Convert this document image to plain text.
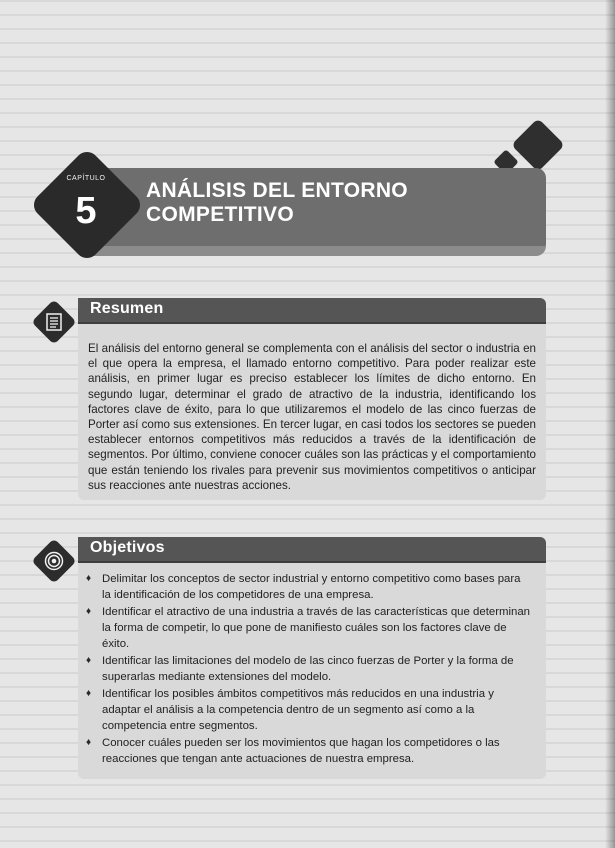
CAPÍTULO
5	ANÁLISIS DEL ENTORNO
COMPETITIVO
Resumen

El análisis del entorno general se complementa con el análisis del sector o industria en el que opera la empresa, el llamado entorno competitivo. Para poder realizar este análisis, en primer lugar es preciso establecer los límites de dicho entorno. En segundo lugar, determinar el grado de atractivo de la industria, identificando los factores clave de éxito, para lo que utilizaremos el modelo de las cinco fuerzas de Porter así como sus extensiones. En tercer lugar, en casi todos los sectores se pueden establecer entornos competitivos más reducidos a través de la identificación de segmentos. Por último, conviene conocer cuáles son las prácticas y el comportamiento que están teniendo los rivales para prevenir sus movimientos competitivos o anticipar sus reacciones ante nuestras acciones.

Objetivos
♦ Delimitar los conceptos de sector industrial y entorno competitivo como bases para la identificación de los competidores de una empresa.
♦ Identificar el atractivo de una industria a través de las características que determinan la forma de competir, lo que pone de manifiesto cuáles son los factores clave de éxito.
♦ Identificar las limitaciones del modelo de las cinco fuerzas de Porter y la forma de superarlas mediante extensiones del modelo.
♦ Identificar los posibles ámbitos competitivos más reducidos en una industria y adaptar el análisis a la competencia dentro de un segmento así como a la competencia entre segmentos.
♦ Conocer cuáles pueden ser los movimientos que hagan los competidores o las reacciones que tengan ante actuaciones de nuestra empresa.
